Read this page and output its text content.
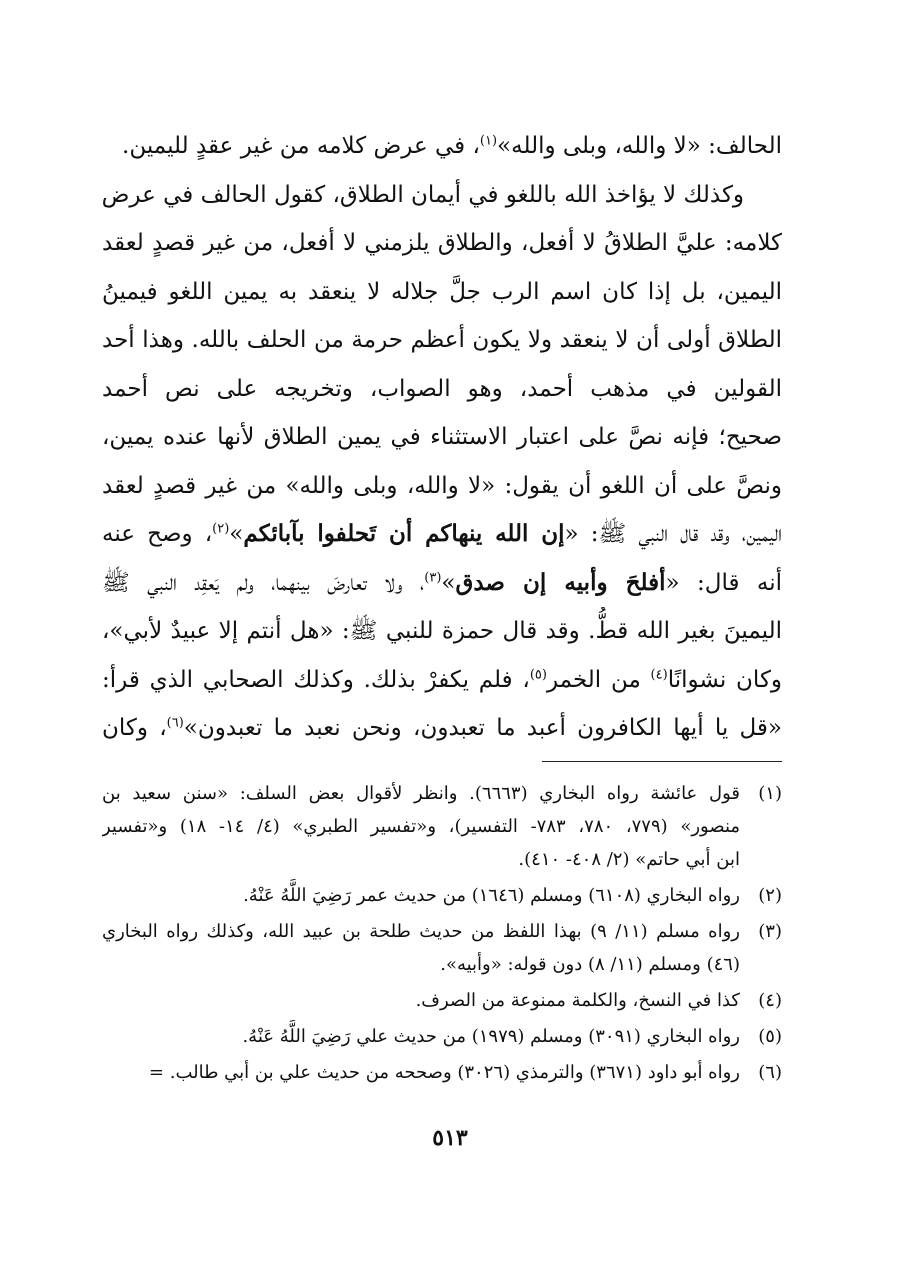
الحالف: «لا والله، وبلى والله»$^{(١)}$، في عرض كلامه من غير عقدٍ لليمين.
وكذلك لا يؤاخذ الله باللغو في أيمان الطلاق، كقول الحالف في عرض
كلامه: عليَّ الطلاقُ لا أفعل، والطلاق يلزمني لا أفعل، من غير قصدٍ لعقد
اليمين، بل إذا كان اسم الرب جلَّ جلاله لا ينعقد به يمين اللغو فيمينُ
الطلاق أولى أن لا ينعقد ولا يكون أعظم حرمة من الحلف بالله. وهذا أحد
القولين في مذهب أحمد، وهو الصواب، وتخريجه على نص أحمد
صحيح؛ فإنه نصَّ على اعتبار الاستثناء في يمين الطلاق لأنها عنده يمين،
ونصَّ على أن اللغو أن يقول: «لا والله، وبلى والله» من غير قصدٍ لعقد
اليمين، وقد قال النبي ﷺ: «إن الله ينهاكم أن تَحلفوا بآبائكم»$^{(٢)}$، وصح عنه
أنه قال: «أفلحَ وأبيه إن صدق»$^{(٣)}$، ولا تعارضَ بينهما، ولم يَعقِد النبي ﷺ
اليمينَ بغير الله قطُّ. وقد قال حمزة للنبي ﷺ: «هل أنتم إلا عبيدٌ لأبي»،
وكان نشوانًا$^{(٤)}$ من الخمر$^{(٥)}$، فلم يكفرْ بذلك. وكذلك الصحابي الذي قرأ:
«قل يا أيها الكافرون أعبد ما تعبدون، ونحن نعبد ما تعبدون»$^{(٦)}$، وكان
(١)
قول عائشة رواه البخاري (٦٦٦٣). وانظر لأقوال بعض السلف: «سنن سعيد بن
منصور» (٧٧٩، ٧٨٠، ٧٨٣- التفسير)، و«تفسير الطبري» (٤/ ١٤- ١٨) و«تفسير
ابن أبي حاتم» (٢/ ٤٠٨- ٤١٠).
(٢)
رواه البخاري (٦١٠٨) ومسلم (١٦٤٦) من حديث عمر رَضِيَ اللَّهُ عَنْهُ.
(٣)
رواه مسلم (١١/ ٩) بهذا اللفظ من حديث طلحة بن عبيد الله، وكذلك رواه البخاري
(٤٦) ومسلم (١١/ ٨) دون قوله: «وأبيه».
(٤)
كذا في النسخ، والكلمة ممنوعة من الصرف.
(٥)
رواه البخاري (٣٠٩١) ومسلم (١٩٧٩) من حديث علي رَضِيَ اللَّهُ عَنْهُ.
(٦)
رواه أبو داود (٣٦٧١) والترمذي (٣٠٢٦) وصححه من حديث علي بن أبي طالب. =
٥١٣
